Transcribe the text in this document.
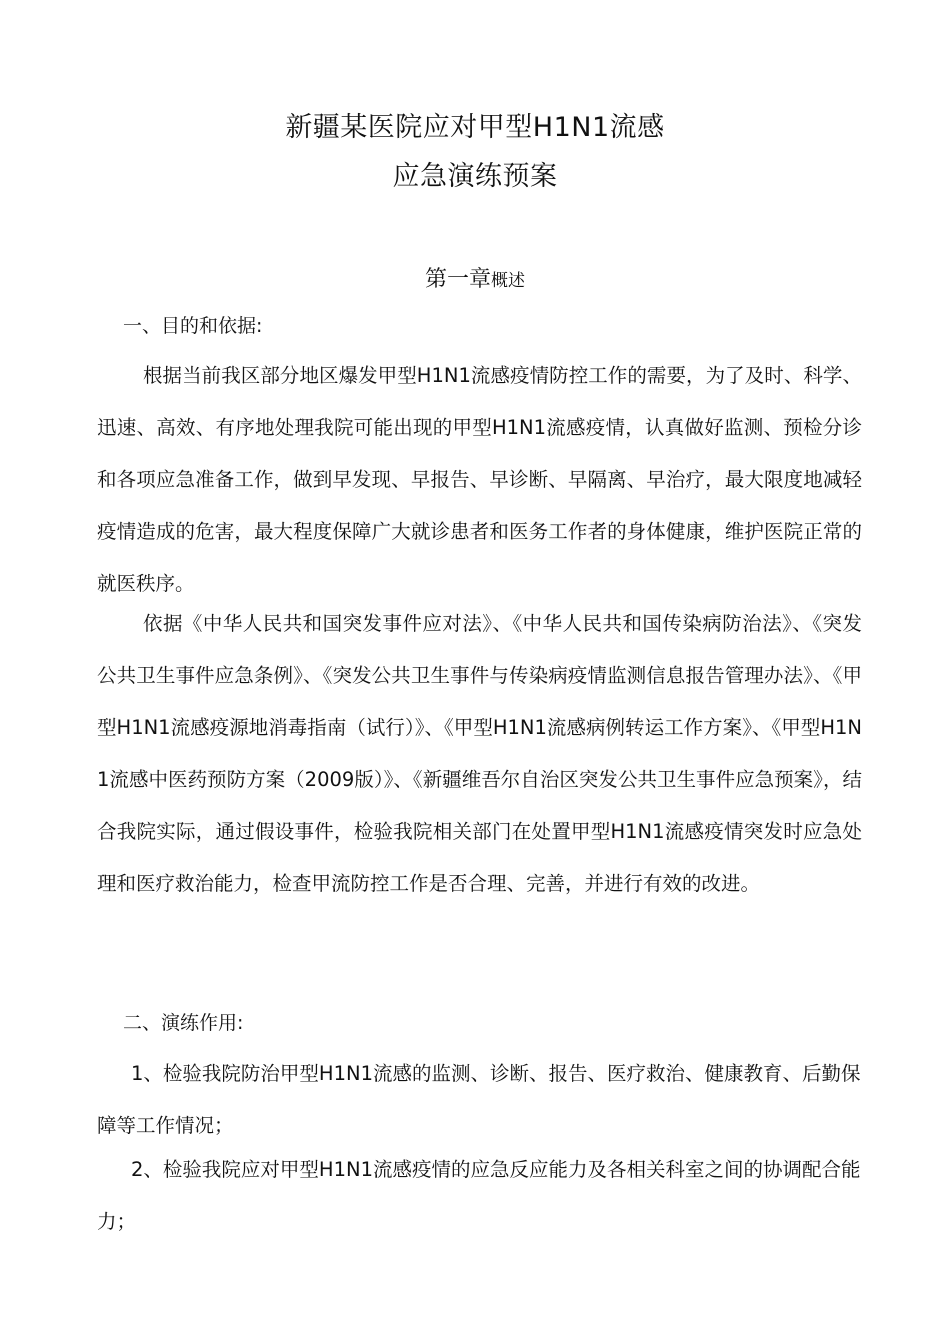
新疆某医院应对甲型H1N1流感
应急演练预案
第一章概述
一、目的和依据:
根据当前我区部分地区爆发甲型H1N1流感疫情防控工作的需要，为了及时、科学、迅速、高效、有序地处理我院可能出现的甲型H1N1流感疫情，认真做好监测、预检分诊和各项应急准备工作，做到早发现、早报告、早诊断、早隔离、早治疗，最大限度地减轻疫情造成的危害，最大程度保障广大就诊患者和医务工作者的身体健康，维护医院正常的就医秩序。
依据《中华人民共和国突发事件应对法》、《中华人民共和国传染病防治法》、《突发公共卫生事件应急条例》、《突发公共卫生事件与传染病疫情监测信息报告管理办法》、《甲型H1N1流感疫源地消毒指南（试行）》、《甲型H1N1流感病例转运工作方案》、《甲型H1N1流感中医药预防方案（2009版）》、《新疆维吾尔自治区突发公共卫生事件应急预案》，结合我院实际，通过假设事件，检验我院相关部门在处置甲型H1N1流感疫情突发时应急处理和医疗救治能力，检查甲流防控工作是否合理、完善，并进行有效的改进。
二、演练作用:
1、检验我院防治甲型H1N1流感的监测、诊断、报告、医疗救治、健康教育、后勤保障等工作情况；
2、检验我院应对甲型H1N1流感疫情的应急反应能力及各相关科室之间的协调配合能力；
